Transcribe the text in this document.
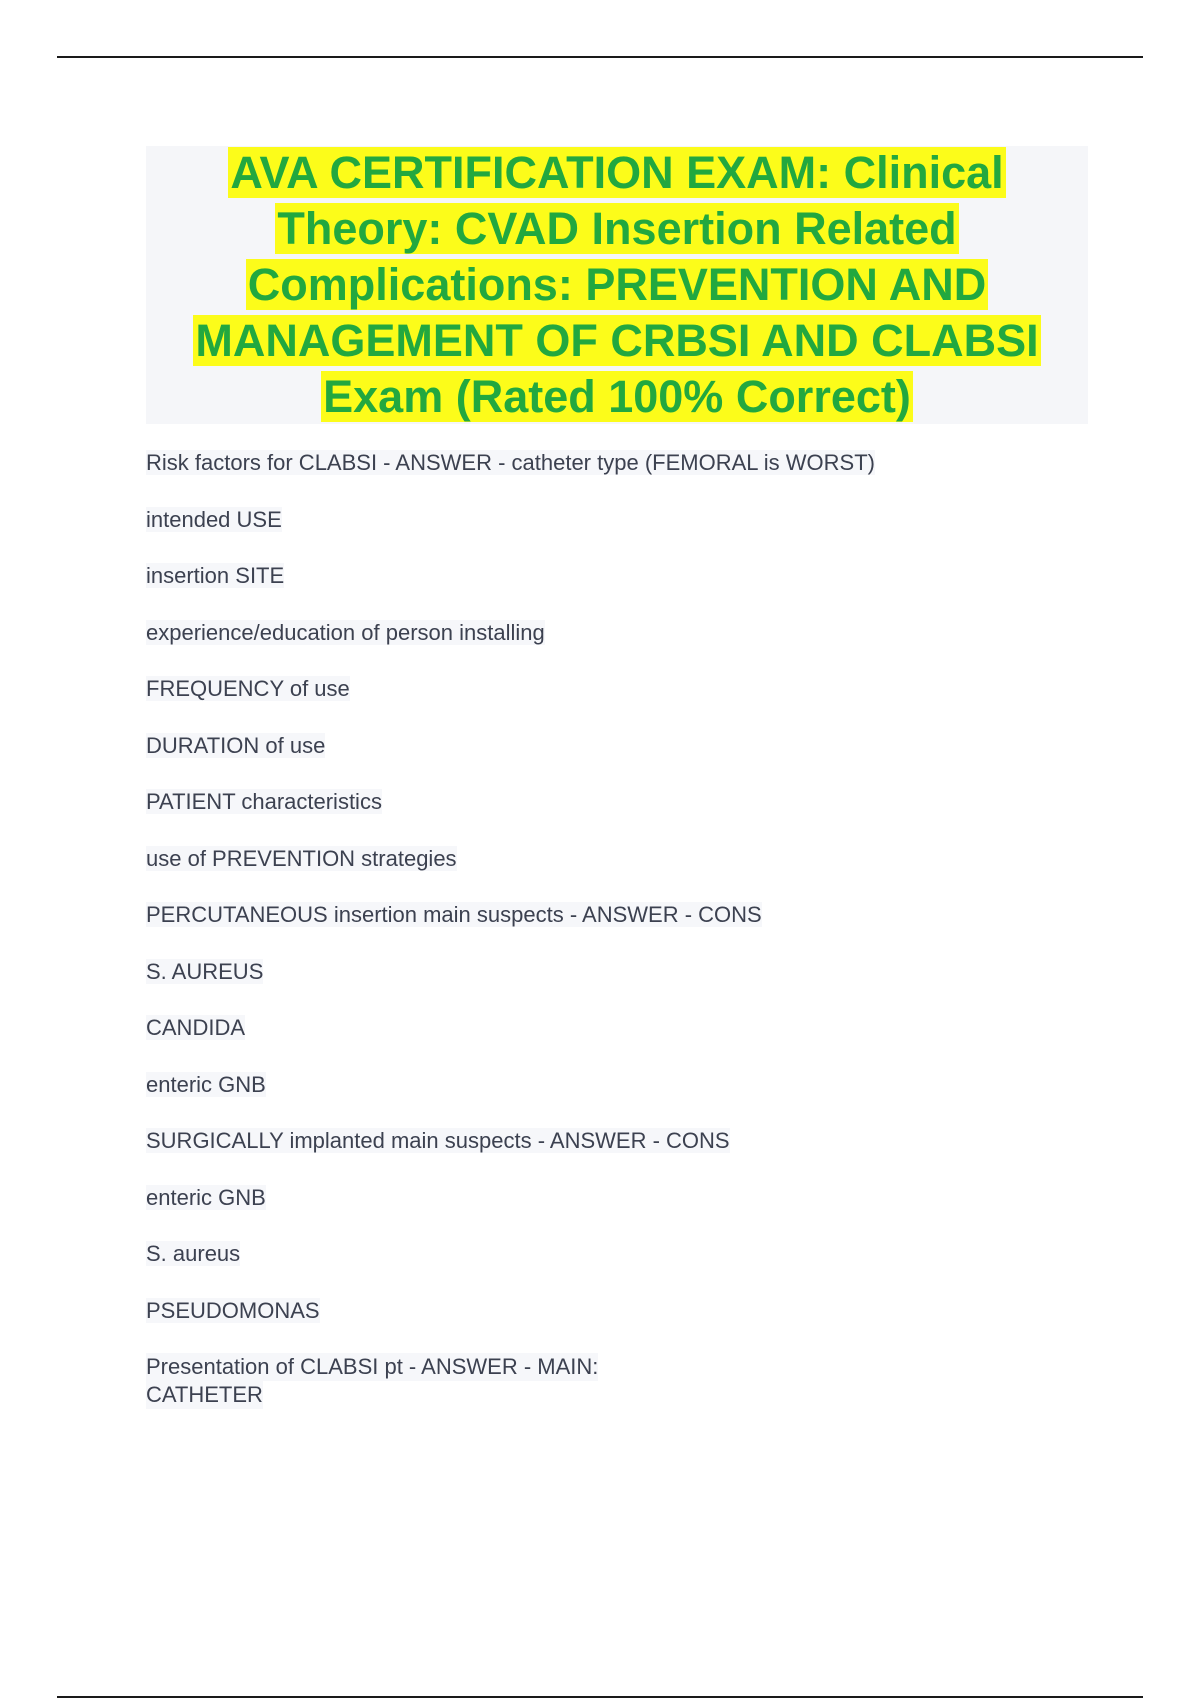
AVA CERTIFICATION EXAM: Clinical
Theory: CVAD Insertion Related
Complications: PREVENTION AND
MANAGEMENT OF CRBSI AND CLABSI
Exam (Rated 100% Correct)

Risk factors for CLABSI - ANSWER - catheter type (FEMORAL is WORST)

intended USE

insertion SITE

experience/education of person installing

FREQUENCY of use

DURATION of use

PATIENT characteristics

use of PREVENTION strategies

PERCUTANEOUS insertion main suspects - ANSWER - CONS

S. AUREUS

CANDIDA

enteric GNB

SURGICALLY implanted main suspects - ANSWER - CONS

enteric GNB

S. aureus

PSEUDOMONAS

Presentation of CLABSI pt - ANSWER - MAIN:
CATHETER
